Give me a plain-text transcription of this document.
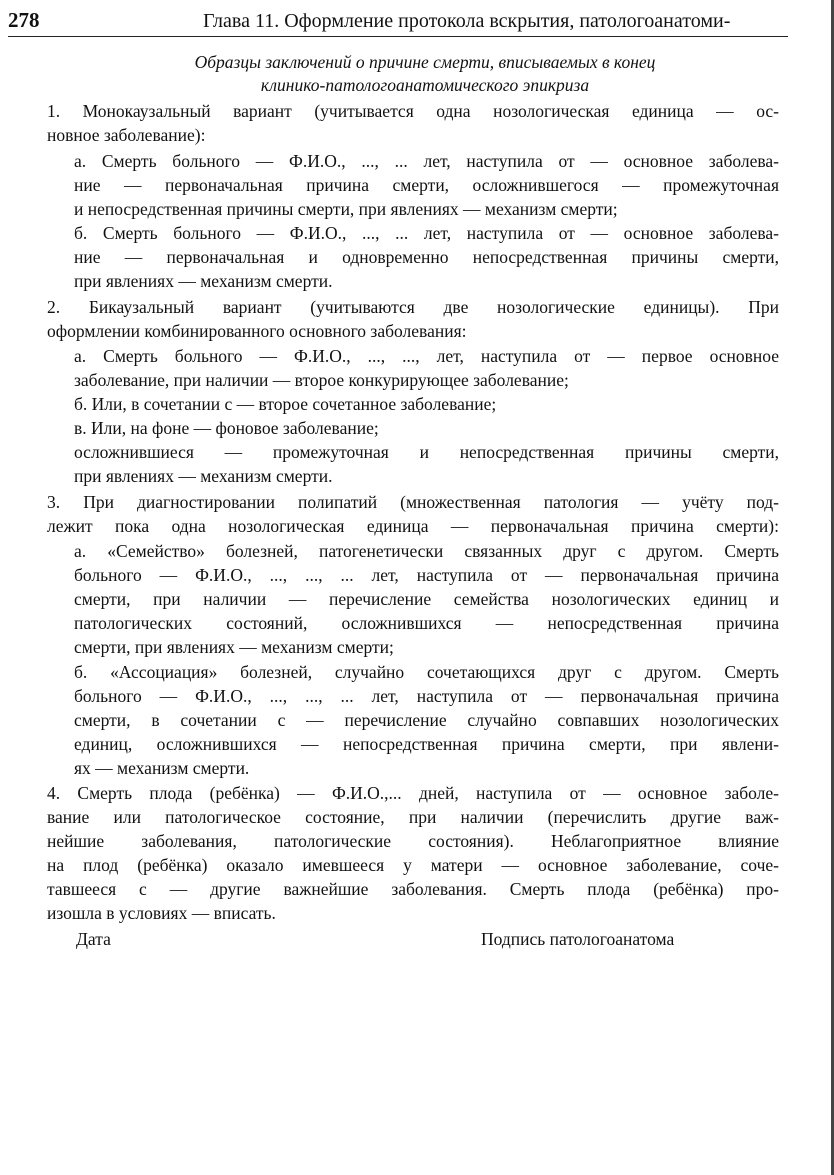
278	Глава 11. Оформление протокола вскрытия, патологоанатоми-
Образцы заключений о причине смерти, вписываемых в конец
клинико-патологоанатомического эпикриза
1. Монокаузальный вариант (учитывается одна нозологическая единица — ос-
новное заболевание):
а. Смерть больного — Ф.И.О., ..., ... лет, наступила от — основное заболева-
ние — первоначальная причина смерти, осложнившегося — промежуточная
и непосредственная причины смерти, при явлениях — механизм смерти;
б. Смерть больного — Ф.И.О., ..., ... лет, наступила от — основное заболева-
ние — первоначальная и одновременно непосредственная причины смерти,
при явлениях — механизм смерти.
2. Бикаузальный вариант (учитываются две нозологические единицы). При
оформлении комбинированного основного заболевания:
а. Смерть больного — Ф.И.О., ..., ..., лет, наступила от — первое основное
заболевание, при наличии — второе конкурирующее заболевание;
б. Или, в сочетании с — второе сочетанное заболевание;
в. Или, на фоне — фоновое заболевание;
осложнившиеся — промежуточная и непосредственная причины смерти,
при явлениях — механизм смерти.
3. При диагностировании полипатий (множественная патология — учёту под-
лежит пока одна нозологическая единица — первоначальная причина смерти):
а. «Семейство» болезней, патогенетически связанных друг с другом. Смерть
больного — Ф.И.О., ..., ..., ... лет, наступила от — первоначальная причина
смерти, при наличии — перечисление семейства нозологических единиц и
патологических состояний, осложнившихся — непосредственная причина
смерти, при явлениях — механизм смерти;
б. «Ассоциация» болезней, случайно сочетающихся друг с другом. Смерть
больного — Ф.И.О., ..., ..., ... лет, наступила от — первоначальная причина
смерти, в сочетании с — перечисление случайно совпавших нозологических
единиц, осложнившихся — непосредственная причина смерти, при явлени-
ях — механизм смерти.
4. Смерть плода (ребёнка) — Ф.И.О.,... дней, наступила от — основное заболе-
вание или патологическое состояние, при наличии (перечислить другие важ-
нейшие заболевания, патологические состояния). Неблагоприятное влияние
на плод (ребёнка) оказало имевшееся у матери — основное заболевание, соче-
тавшееся с — другие важнейшие заболевания. Смерть плода (ребёнка) про-
изошла в условиях — вписать.
Дата	Подпись патологоанатома
